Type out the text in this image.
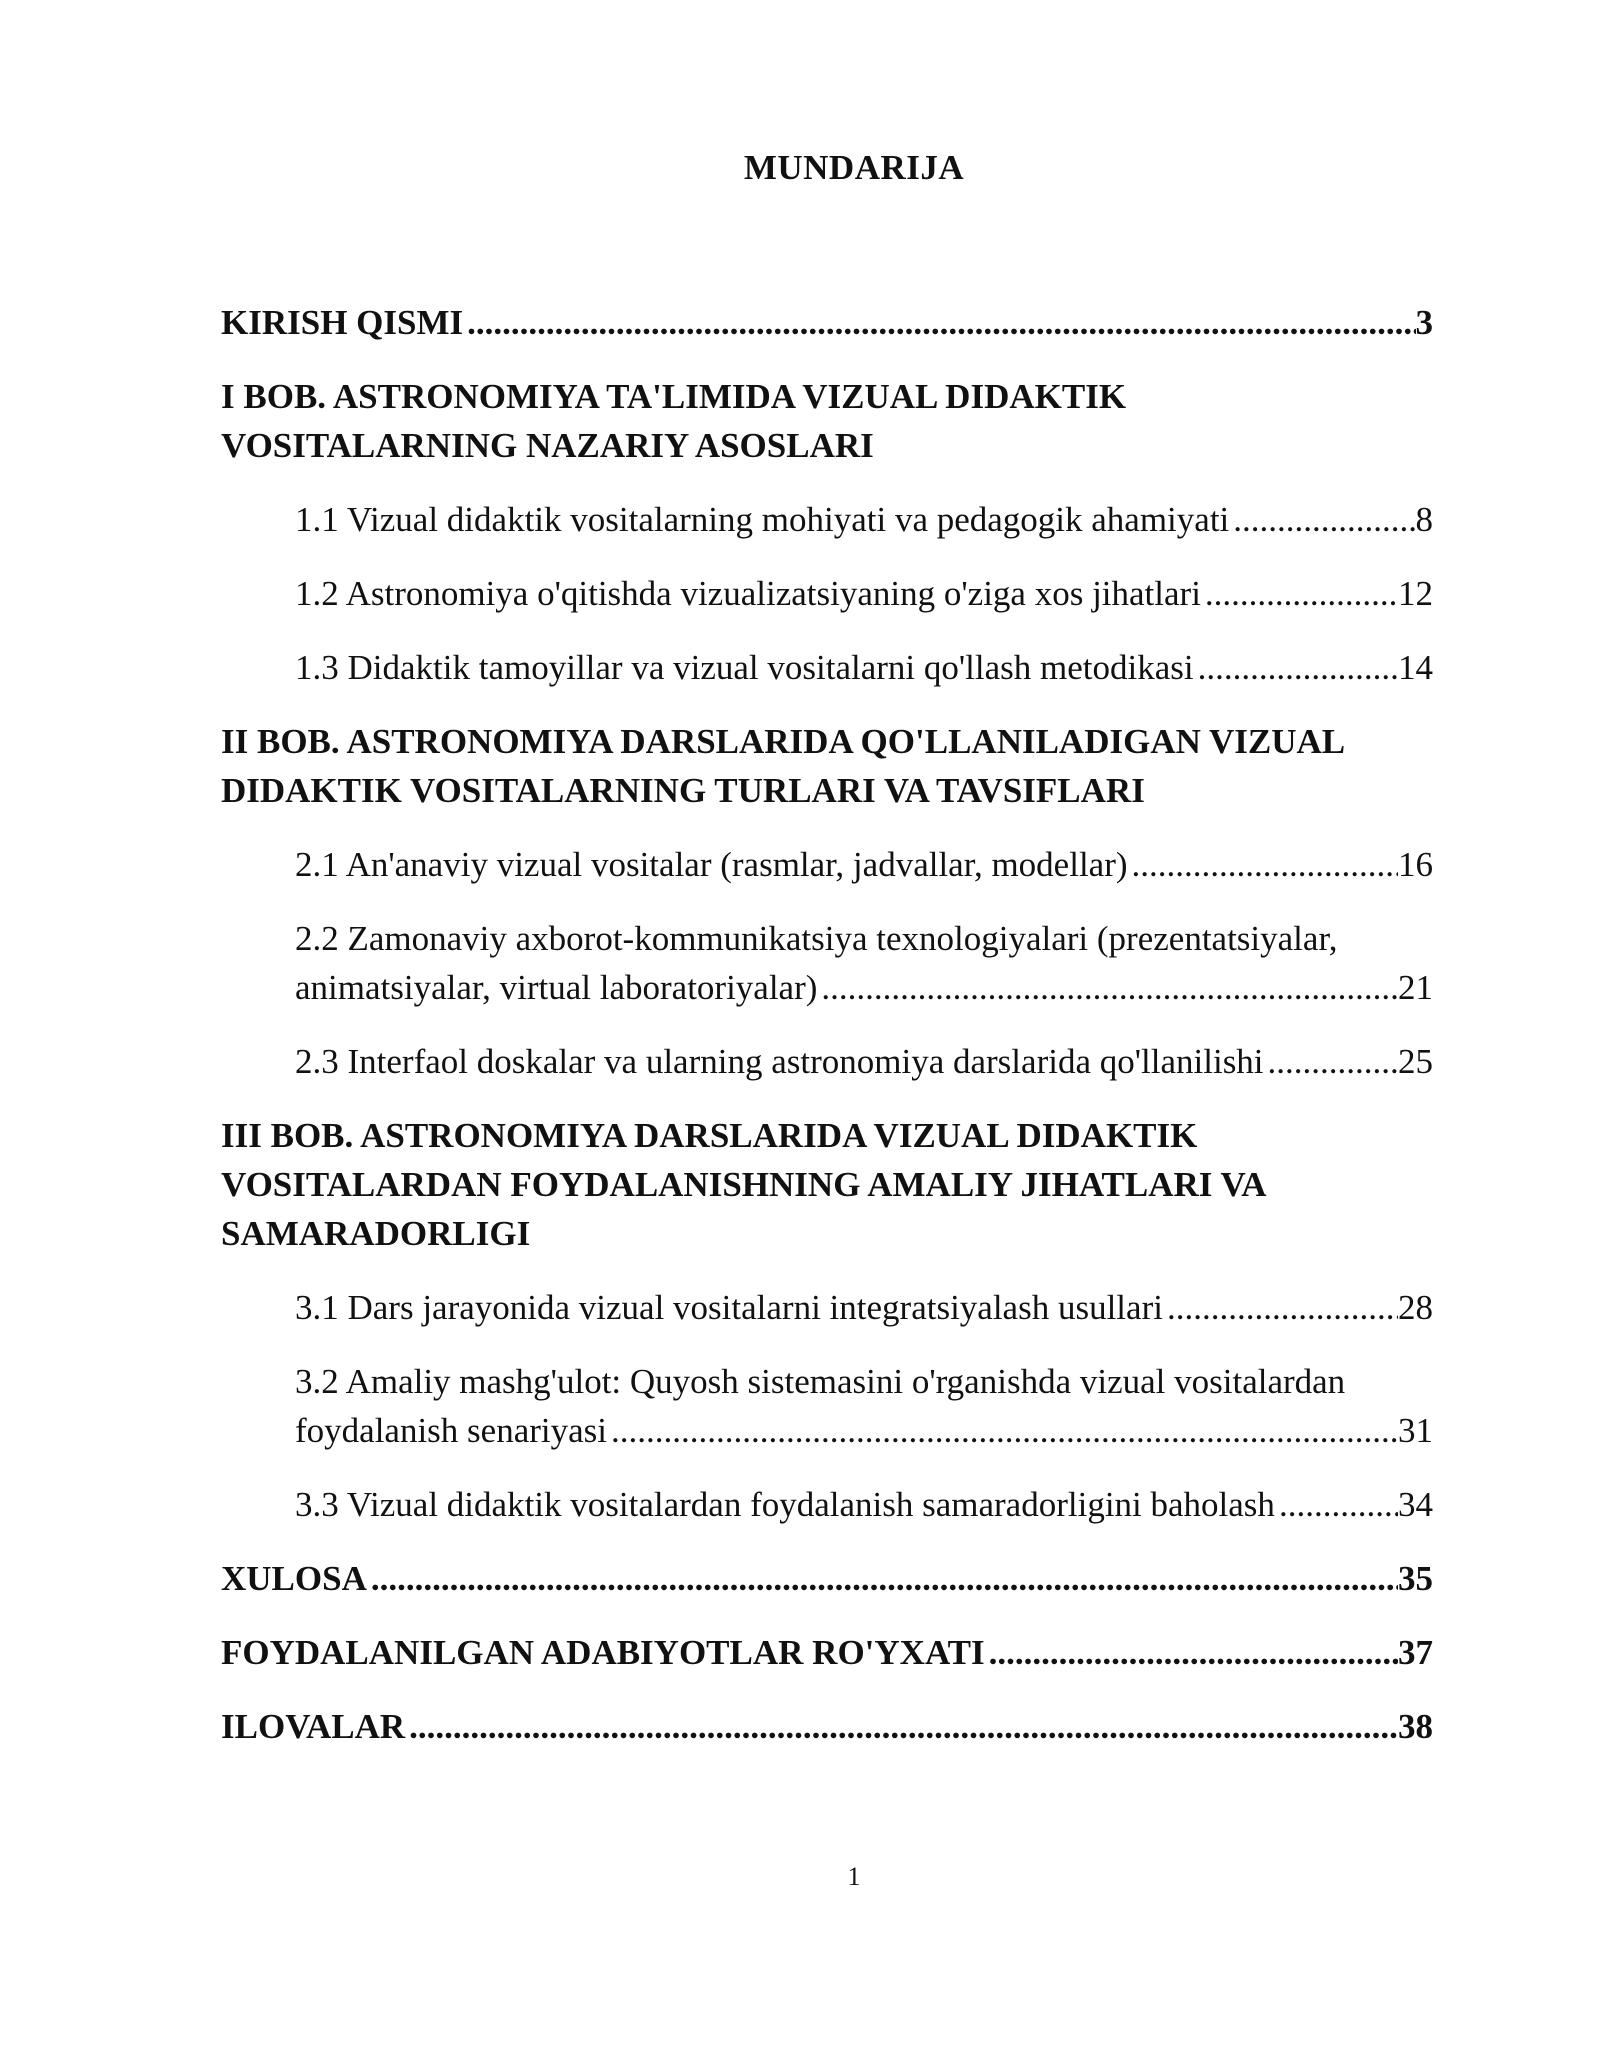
MUNDARIJA
KIRISH QISMI .....	3
I BOB. ASTRONOMIYA TA'LIMIDA VIZUAL DIDAKTIK
VOSITALARNING NAZARIY ASOSLARI
1.1 Vizual didaktik vositalarning mohiyati va pedagogik ahamiyati .....	8
1.2 Astronomiya o'qitishda vizualizatsiyaning o'ziga xos jihatlari .....	12
1.3 Didaktik tamoyillar va vizual vositalarni qo'llash metodikasi .....	14
II BOB. ASTRONOMIYA DARSLARIDA QO'LLANILADIGAN VIZUAL
DIDAKTIK VOSITALARNING TURLARI VA TAVSIFLARI
2.1 An'anaviy vizual vositalar (rasmlar, jadvallar, modellar) .....	16
2.2 Zamonaviy axborot-kommunikatsiya texnologiyalari (prezentatsiyalar,
animatsiyalar, virtual laboratoriyalar) .....	21
2.3 Interfaol doskalar va ularning astronomiya darslarida qo'llanilishi .....	25
III BOB. ASTRONOMIYA DARSLARIDA VIZUAL DIDAKTIK
VOSITALARDAN FOYDALANISHNING AMALIY JIHATLARI VA
SAMARADORLIGI
3.1 Dars jarayonida vizual vositalarni integratsiyalash usullari .....	28
3.2 Amaliy mashg'ulot: Quyosh sistemasini o'rganishda vizual vositalardan
foydalanish senariyasi .....	31
3.3 Vizual didaktik vositalardan foydalanish samaradorligini baholash .....	34
XULOSA .....	35
FOYDALANILGAN ADABIYOTLAR RO'YXATI .....	37
ILOVALAR .....	38
1
